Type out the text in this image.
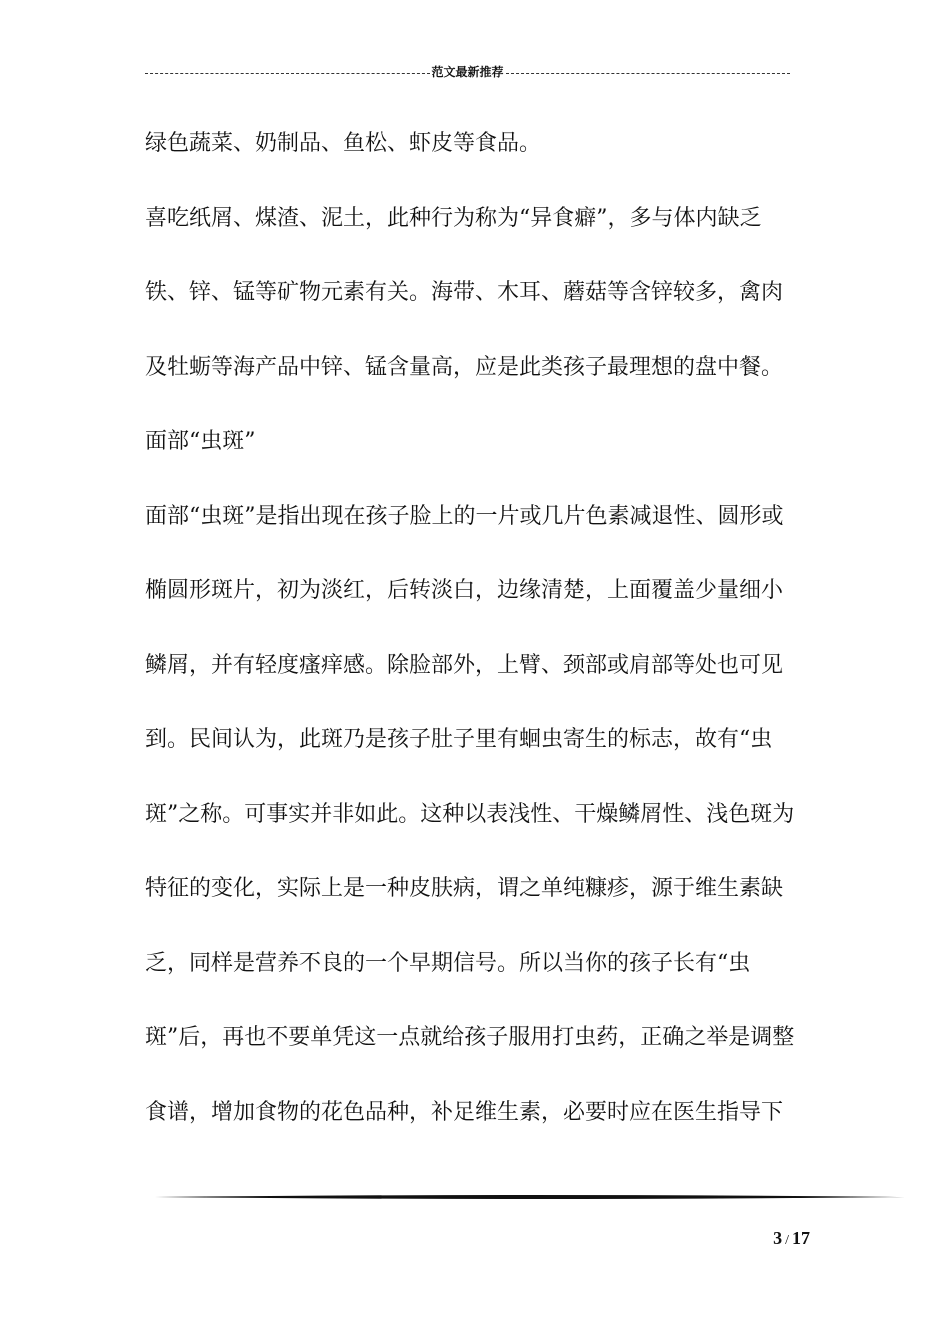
范文最新推荐
绿色蔬菜、奶制品、鱼松、虾皮等食品。
喜吃纸屑、煤渣、泥土，此种行为称为“异食癖”，多与体内缺乏
铁、锌、锰等矿物元素有关。海带、木耳、蘑菇等含锌较多，禽肉
及牡蛎等海产品中锌、锰含量高，应是此类孩子最理想的盘中餐。
面部“虫斑”
面部“虫斑”是指出现在孩子脸上的一片或几片色素减退性、圆形或
椭圆形斑片，初为淡红，后转淡白，边缘清楚，上面覆盖少量细小
鳞屑，并有轻度瘙痒感。除脸部外，上臂、颈部或肩部等处也可见
到。民间认为，此斑乃是孩子肚子里有蛔虫寄生的标志，故有“虫
斑”之称。可事实并非如此。这种以表浅性、干燥鳞屑性、浅色斑为
特征的变化，实际上是一种皮肤病，谓之单纯糠疹，源于维生素缺
乏，同样是营养不良的一个早期信号。所以当你的孩子长有“虫
斑”后，再也不要单凭这一点就给孩子服用打虫药，正确之举是调整
食谱，增加食物的花色品种，补足维生素，必要时应在医生指导下
3 / 17
